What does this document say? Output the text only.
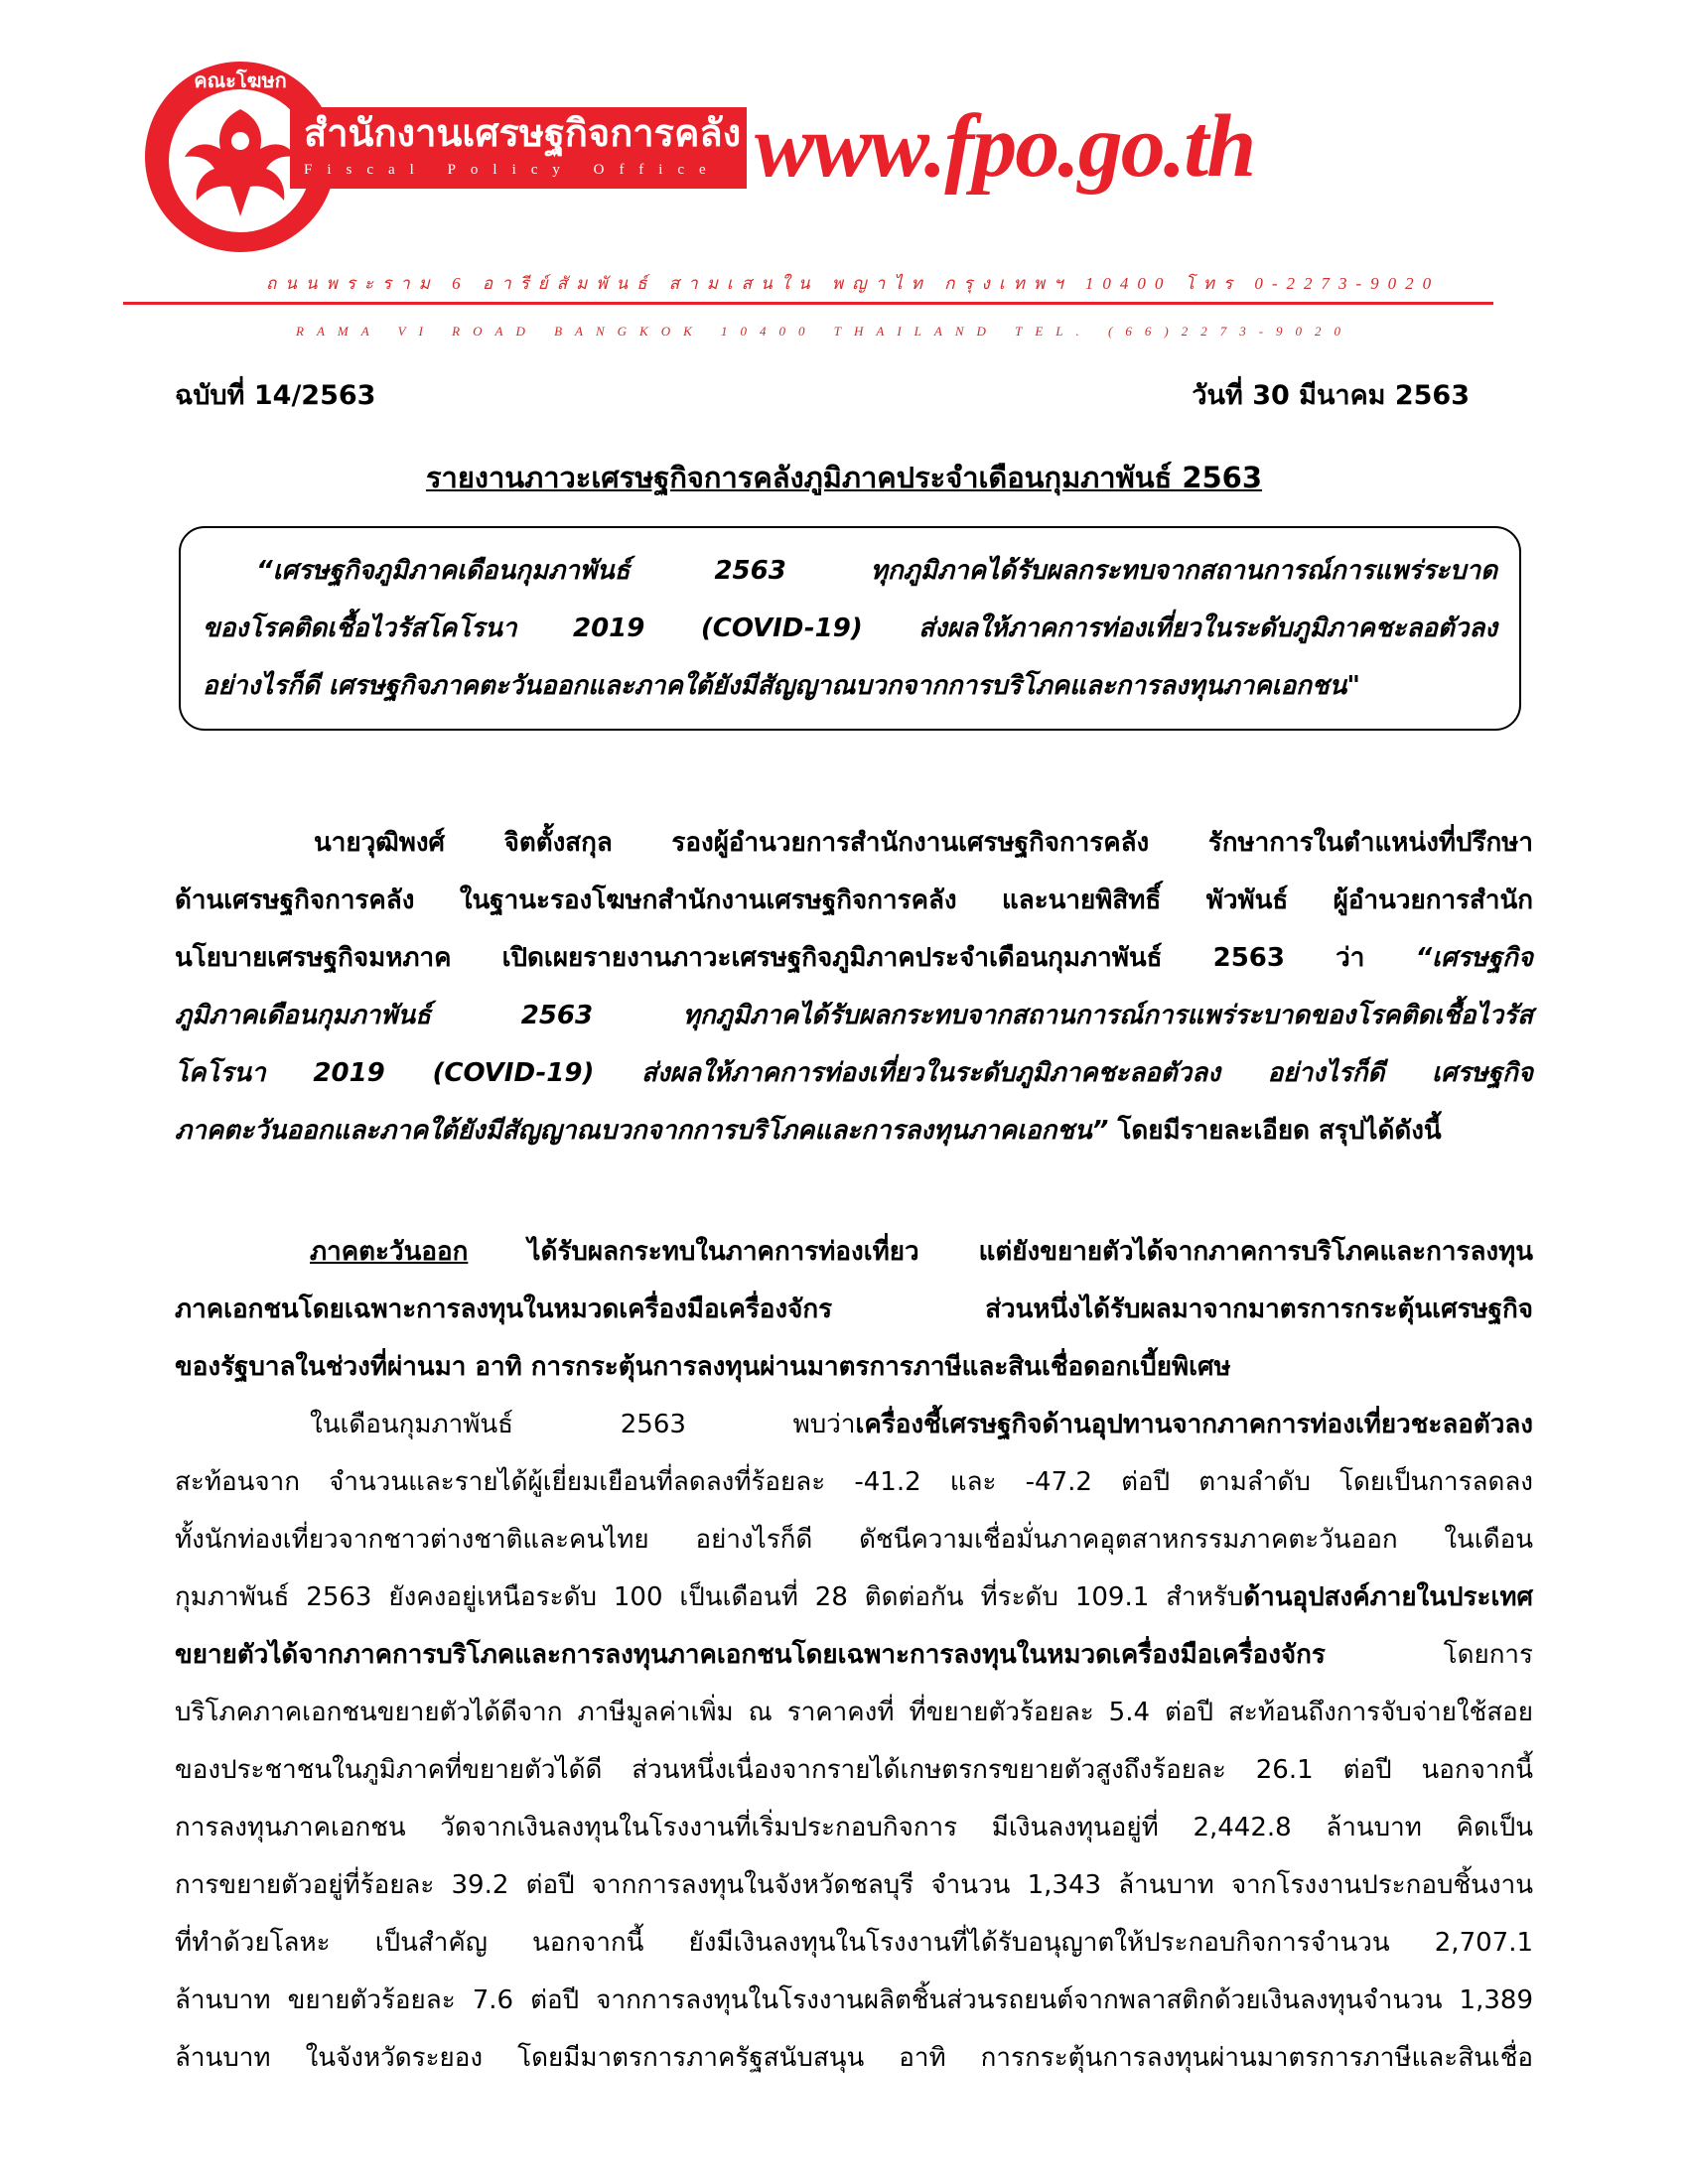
คณะโฆษก
สำนักงานเศรษฐกิจการคลัง
Fiscal Policy Office www.fpo.go.th
ถนนพระราม 6 อารีย์สัมพันธ์ สามเสนใน พญาไท กรุงเทพฯ 10400 โทร 0-2273-9020
RAMA VI ROAD BANGKOK 10400 THAILAND TEL. (66)2273-9020
ฉบับที่ 14/2563	วันที่ 30 มีนาคม 2563
รายงานภาวะเศรษฐกิจการคลังภูมิภาคประจำเดือนกุมภาพันธ์ 2563
“เศรษฐกิจภูมิภาคเดือนกุมภาพันธ์ 2563 ทุกภูมิภาคได้รับผลกระทบจากสถานการณ์การแพร่ระบาด
ของโรคติดเชื้อไวรัสโคโรนา 2019 (COVID-19) ส่งผลให้ภาคการท่องเที่ยวในระดับภูมิภาคชะลอตัวลง
อย่างไรก็ดี เศรษฐกิจภาคตะวันออกและภาคใต้ยังมีสัญญาณบวกจากการบริโภคและการลงทุนภาคเอกชน"
นายวุฒิพงศ์ จิตตั้งสกุล รองผู้อำนวยการสำนักงานเศรษฐกิจการคลัง รักษาการในตำแหน่งที่ปรึกษา
ด้านเศรษฐกิจการคลัง ในฐานะรองโฆษกสำนักงานเศรษฐกิจการคลัง และนายพิสิทธิ์ พัวพันธ์ ผู้อำนวยการสำนัก
นโยบายเศรษฐกิจมหภาค เปิดเผยรายงานภาวะเศรษฐกิจภูมิภาคประจำเดือนกุมภาพันธ์ 2563 ว่า “เศรษฐกิจ
ภูมิภาคเดือนกุมภาพันธ์ 2563 ทุกภูมิภาคได้รับผลกระทบจากสถานการณ์การแพร่ระบาดของโรคติดเชื้อไวรัส
โคโรนา 2019 (COVID-19) ส่งผลให้ภาคการท่องเที่ยวในระดับภูมิภาคชะลอตัวลง อย่างไรก็ดี เศรษฐกิจ
ภาคตะวันออกและภาคใต้ยังมีสัญญาณบวกจากการบริโภคและการลงทุนภาคเอกชน” โดยมีรายละเอียด สรุปได้ดังนี้
ภาคตะวันออก ได้รับผลกระทบในภาคการท่องเที่ยว แต่ยังขยายตัวได้จากภาคการบริโภคและการลงทุน
ภาคเอกชนโดยเฉพาะการลงทุนในหมวดเครื่องมือเครื่องจักร ส่วนหนึ่งได้รับผลมาจากมาตรการกระตุ้นเศรษฐกิจ
ของรัฐบาลในช่วงที่ผ่านมา อาทิ การกระตุ้นการลงทุนผ่านมาตรการภาษีและสินเชื่อดอกเบี้ยพิเศษ
ในเดือนกุมภาพันธ์ 2563 พบว่าเครื่องชี้เศรษฐกิจด้านอุปทานจากภาคการท่องเที่ยวชะลอตัวลง
สะท้อนจาก จำนวนและรายได้ผู้เยี่ยมเยือนที่ลดลงที่ร้อยละ -41.2 และ -47.2 ต่อปี ตามลำดับ โดยเป็นการลดลง
ทั้งนักท่องเที่ยวจากชาวต่างชาติและคนไทย อย่างไรก็ดี ดัชนีความเชื่อมั่นภาคอุตสาหกรรมภาคตะวันออก ในเดือน
กุมภาพันธ์ 2563 ยังคงอยู่เหนือระดับ 100 เป็นเดือนที่ 28 ติดต่อกัน ที่ระดับ 109.1 สำหรับด้านอุปสงค์ภายในประเทศ
ขยายตัวได้จากภาคการบริโภคและการลงทุนภาคเอกชนโดยเฉพาะการลงทุนในหมวดเครื่องมือเครื่องจักร โดยการ
บริโภคภาคเอกชนขยายตัวได้ดีจาก ภาษีมูลค่าเพิ่ม ณ ราคาคงที่ ที่ขยายตัวร้อยละ 5.4 ต่อปี สะท้อนถึงการจับจ่ายใช้สอย
ของประชาชนในภูมิภาคที่ขยายตัวได้ดี ส่วนหนึ่งเนื่องจากรายได้เกษตรกรขยายตัวสูงถึงร้อยละ 26.1 ต่อปี นอกจากนี้
การลงทุนภาคเอกชน วัดจากเงินลงทุนในโรงงานที่เริ่มประกอบกิจการ มีเงินลงทุนอยู่ที่ 2,442.8 ล้านบาท คิดเป็น
การขยายตัวอยู่ที่ร้อยละ 39.2 ต่อปี จากการลงทุนในจังหวัดชลบุรี จำนวน 1,343 ล้านบาท จากโรงงานประกอบชิ้นงาน
ที่ทำด้วยโลหะ เป็นสำคัญ นอกจากนี้ ยังมีเงินลงทุนในโรงงานที่ได้รับอนุญาตให้ประกอบกิจการจำนวน 2,707.1
ล้านบาท ขยายตัวร้อยละ 7.6 ต่อปี จากการลงทุนในโรงงานผลิตชิ้นส่วนรถยนต์จากพลาสติกด้วยเงินลงทุนจำนวน 1,389
ล้านบาท ในจังหวัดระยอง โดยมีมาตรการภาครัฐสนับสนุน อาทิ การกระตุ้นการลงทุนผ่านมาตรการภาษีและสินเชื่อ
